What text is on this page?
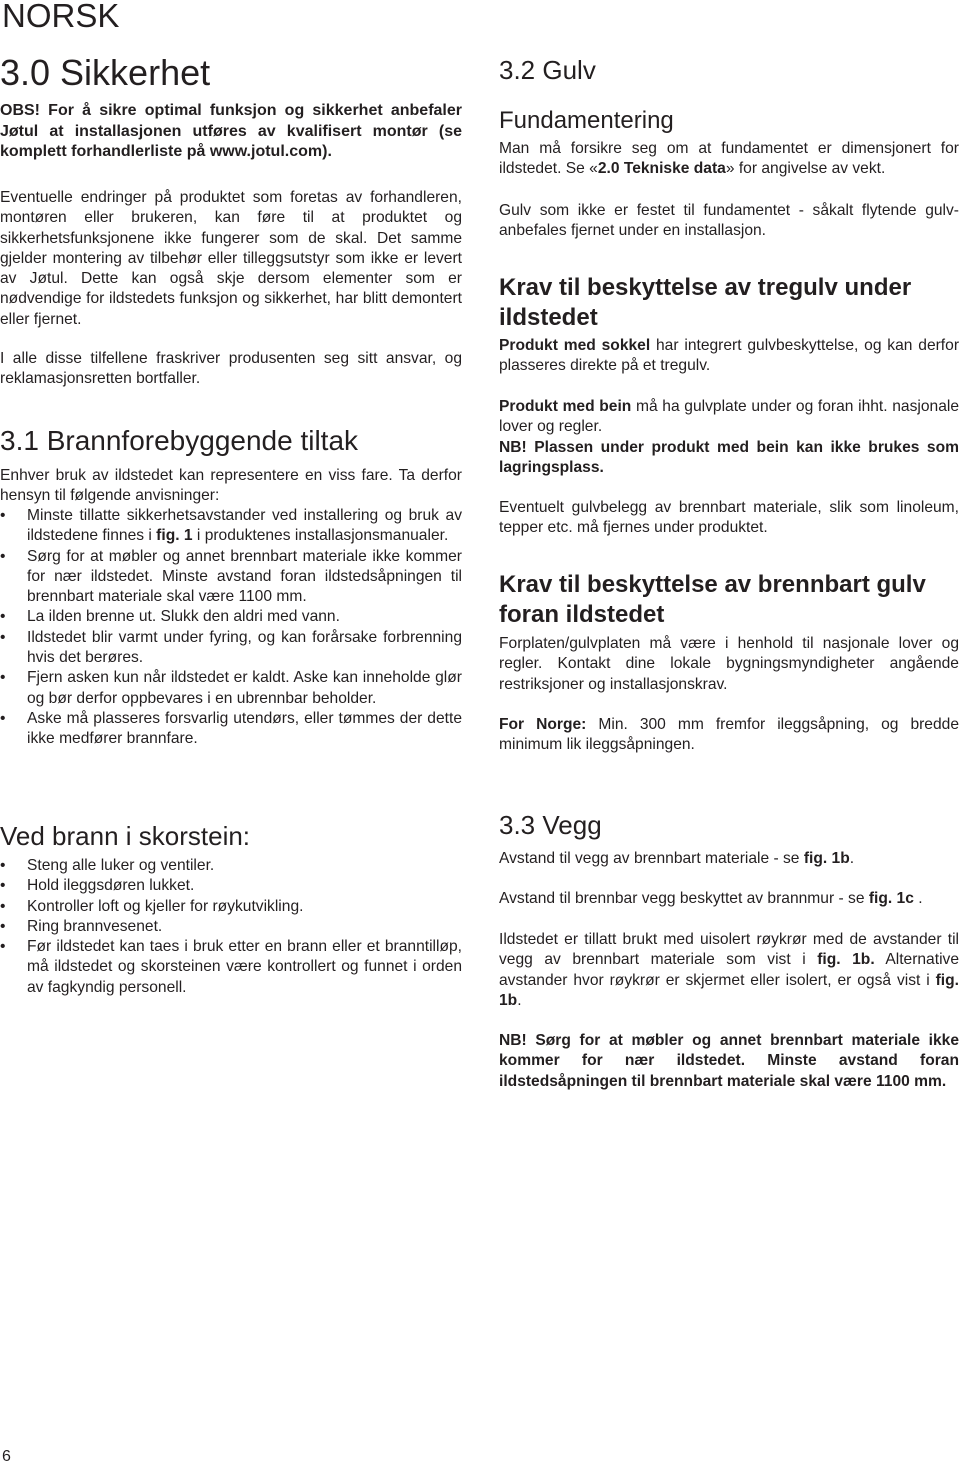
NORSK
3.0 Sikkerhet

OBS! For å sikre optimal funksjon og sikkerhet anbefaler Jøtul at installasjonen utføres av kvalifisert montør (se komplett forhandlerliste på www.jotul.com).

Eventuelle endringer på produktet som foretas av forhandleren, montøren eller brukeren, kan føre til at produktet og sikkerhetsfunksjonene ikke fungerer som de skal. Det samme gjelder montering av tilbehør eller tilleggsutstyr som ikke er levert av Jøtul. Dette kan også skje dersom elementer som er nødvendige for ildstedets funksjon og sikkerhet, har blitt demontert eller fjernet.

I alle disse tilfellene fraskriver produsenten seg sitt ansvar, og reklamasjonsretten bortfaller.

3.1 Brannforebyggende tiltak

Enhver bruk av ildstedet kan representere en viss fare. Ta derfor hensyn til følgende anvisninger:

• Minste tillatte sikkerhetsavstander ved installering og bruk av ildstedene finnes i fig. 1 i produktenes installasjonsmanualer.
• Sørg for at møbler og annet brennbart materiale ikke kommer for nær ildstedet. Minste avstand foran ildstedsåpningen til brennbart materiale skal være 1100 mm.
• La ilden brenne ut. Slukk den aldri med vann.
• Ildstedet blir varmt under fyring, og kan forårsake forbrenning hvis det berøres.
• Fjern asken kun når ildstedet er kaldt. Aske kan inneholde glør og bør derfor oppbevares i en ubrennbar beholder.
• Aske må plasseres forsvarlig utendørs, eller tømmes der dette ikke medfører brannfare.
Ved brann i skorstein:
• Steng alle luker og ventiler.
• Hold ileggsdøren lukket.
• Kontroller loft og kjeller for røykutvikling.
• Ring brannvesenet.
• Før ildstedet kan taes i bruk etter en brann eller et branntilløp, må ildstedet og skorsteinen være kontrollert og funnet i orden av fagkyndig personell.
3.2 Gulv
Fundamentering

Man må forsikre seg om at fundamentet er dimensjonert for ildstedet. Se «2.0 Tekniske data» for angivelse av vekt.

Gulv som ikke er festet til fundamentet - såkalt flytende gulv- anbefales fjernet under en installasjon.

Krav til beskyttelse av tregulv under ildstedet

Produkt med sokkel har integrert gulvbeskyttelse, og kan derfor plasseres direkte på et tregulv.

Produkt med bein må ha gulvplate under og foran ihht. nasjonale lover og regler.

NB! Plassen under produkt med bein kan ikke brukes som lagringsplass.

Eventuelt gulvbelegg av brennbart materiale, slik som linoleum, tepper etc. må fjernes under produktet.

Krav til beskyttelse av brennbart gulv foran ildstedet

Forplaten/gulvplaten må være i henhold til nasjonale lover og regler. Kontakt dine lokale bygningsmyndigheter angående restriksjoner og installasjonskrav.

For Norge: Min. 300 mm fremfor ileggsåpning, og bredde minimum lik ileggsåpningen.

3.3 Vegg

Avstand til vegg av brennbart materiale - se fig. 1b.

Avstand til brennbar vegg beskyttet av brannmur - se fig. 1c .

Ildstedet er tillatt brukt med uisolert røykrør med de avstander til vegg av brennbart materiale som vist i fig. 1b. Alternative avstander hvor røykrør er skjermet eller isolert, er også vist i fig. 1b.

NB! Sørg for at møbler og annet brennbart materiale ikke kommer for nær ildstedet. Minste avstand foran ildstedsåpningen til brennbart materiale skal være 1100 mm.

6
